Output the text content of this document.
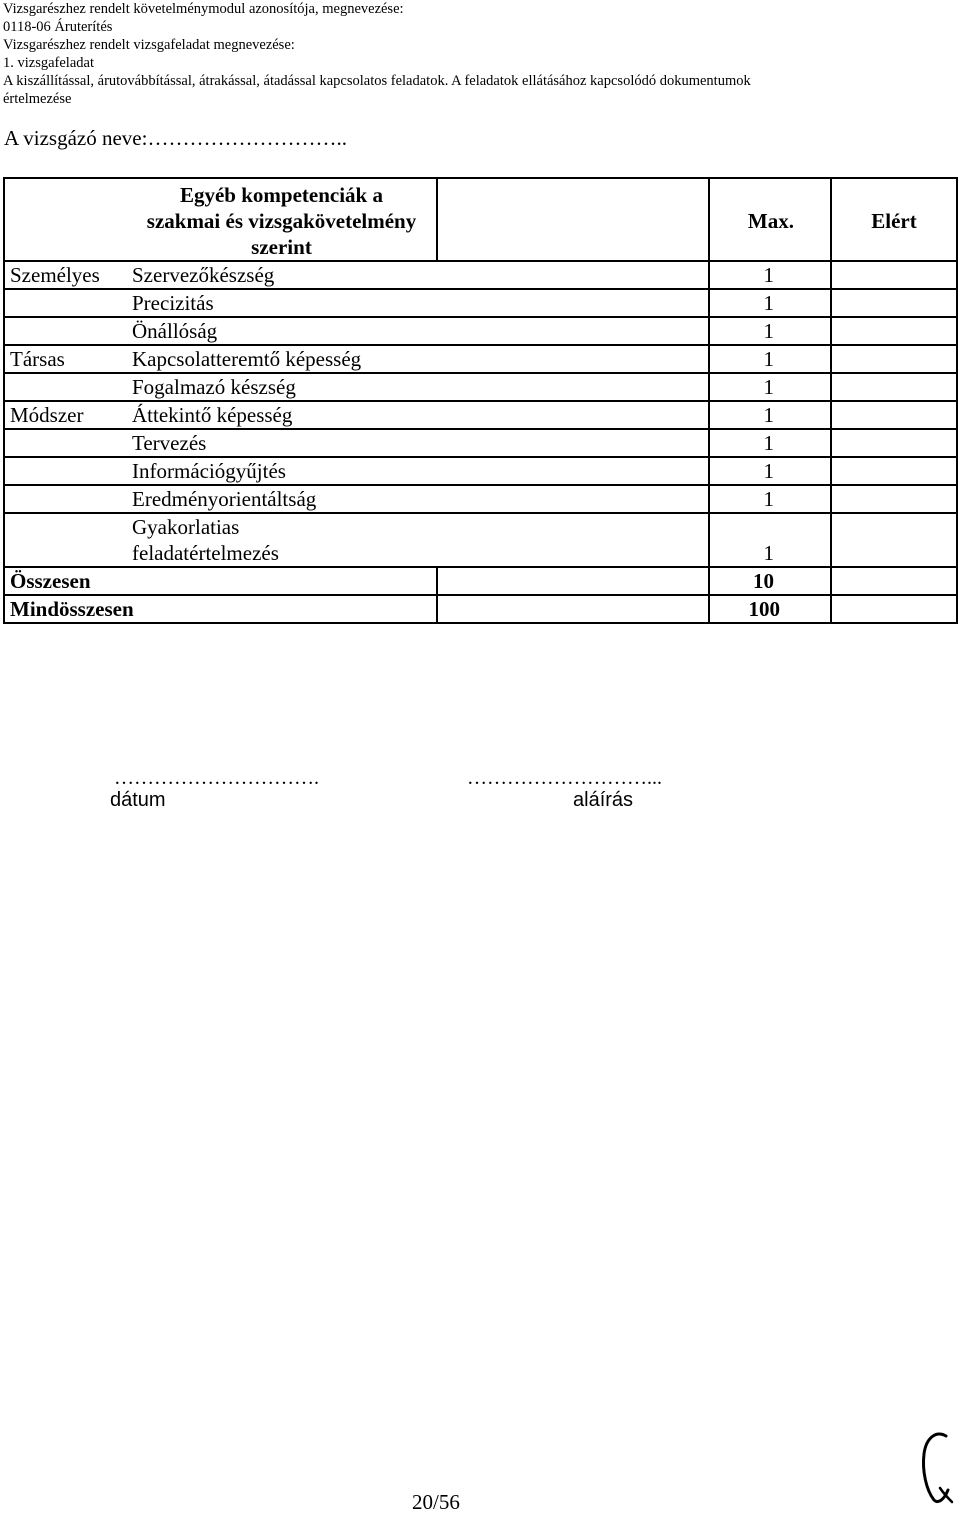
Vizsgarészhez rendelt követelménymodul azonosítója, megnevezése:
0118-06 Áruterítés
Vizsgarészhez rendelt vizsgafeladat megnevezése:
1. vizsgafeladat
A kiszállítással, árutovábbítással, átrakással, átadással kapcsolatos feladatok. A feladatok ellátásához kapcsolódó dokumentumok
értelmezése
A vizsgázó neve:………………………..

	Egyéb kompetenciák a
szakmai és vizsgakövetelmény
szerint		Max.	Elért
Személyes	Szervezőkészség		1	
	Precizitás		1	
	Önállóság		1	
Társas	Kapcsolatteremtő képesség		1	
	Fogalmazó készség		1	
Módszer	Áttekintő képesség		1	
	Tervezés		1	
	Információgyűjtés		1	
	Eredményorientáltság		1	

	Gyakorlatias
feladatértelmezés		1	
Összesen			10	
Mindösszesen			100	
………………………….
dátum
………………………...
aláírás
20/56
